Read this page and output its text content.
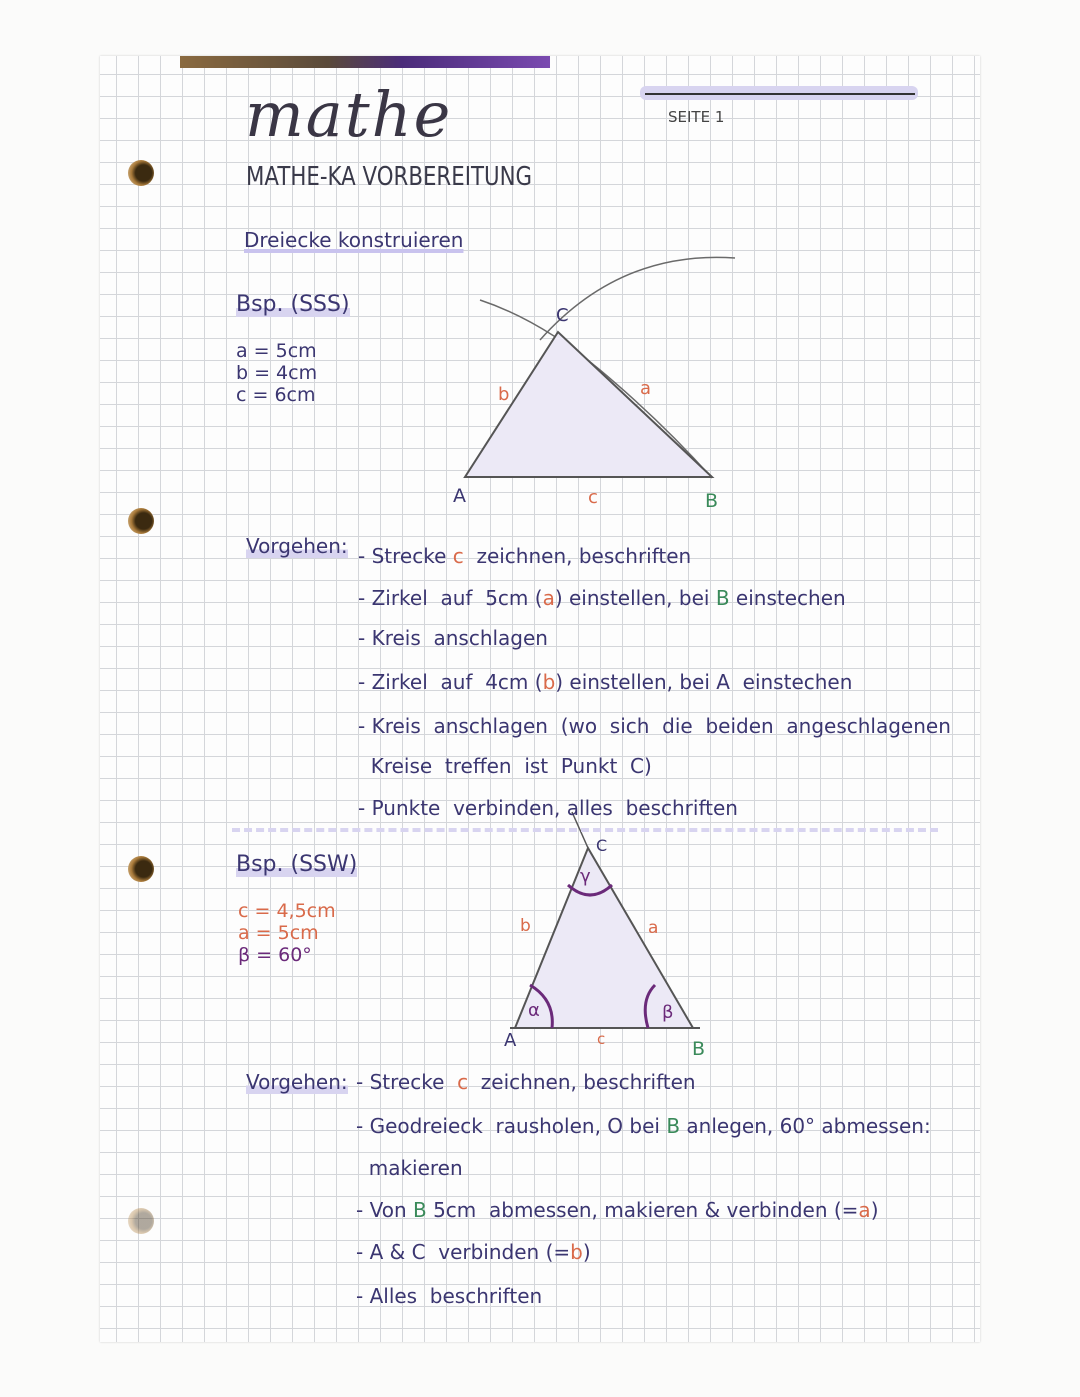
mathe	SEITE 1
MATHE-KA VORBEREITUNG
Dreiecke konstruieren
Bsp. (SSS)
a = 5cm
b = 4cm
c = 6cm
C
b	a
A	c	B
Vorgehen: - Strecke c  zeichnen, beschriften
- Zirkel  auf  5cm (a) einstellen, bei B einstechen
- Kreis  anschlagen
- Zirkel  auf  4cm (b) einstellen, bei A  einstechen
- Kreis  anschlagen  (wo  sich  die  beiden  angeschlagenen
Kreise  treffen  ist  Punkt  C)
- Punkte  verbinden, alles  beschriften
Bsp. (SSW)
c = 4,5cm
a = 5cm
β = 60°
C
b	a
γ
α	β
A	c	B
Vorgehen: - Strecke  c  zeichnen, beschriften
- Geodreieck  rausholen, O bei B anlegen, 60° abmessen:
makieren
- Von B 5cm  abmessen, makieren & verbinden (=a)
- A & C  verbinden (=b)
- Alles  beschriften
